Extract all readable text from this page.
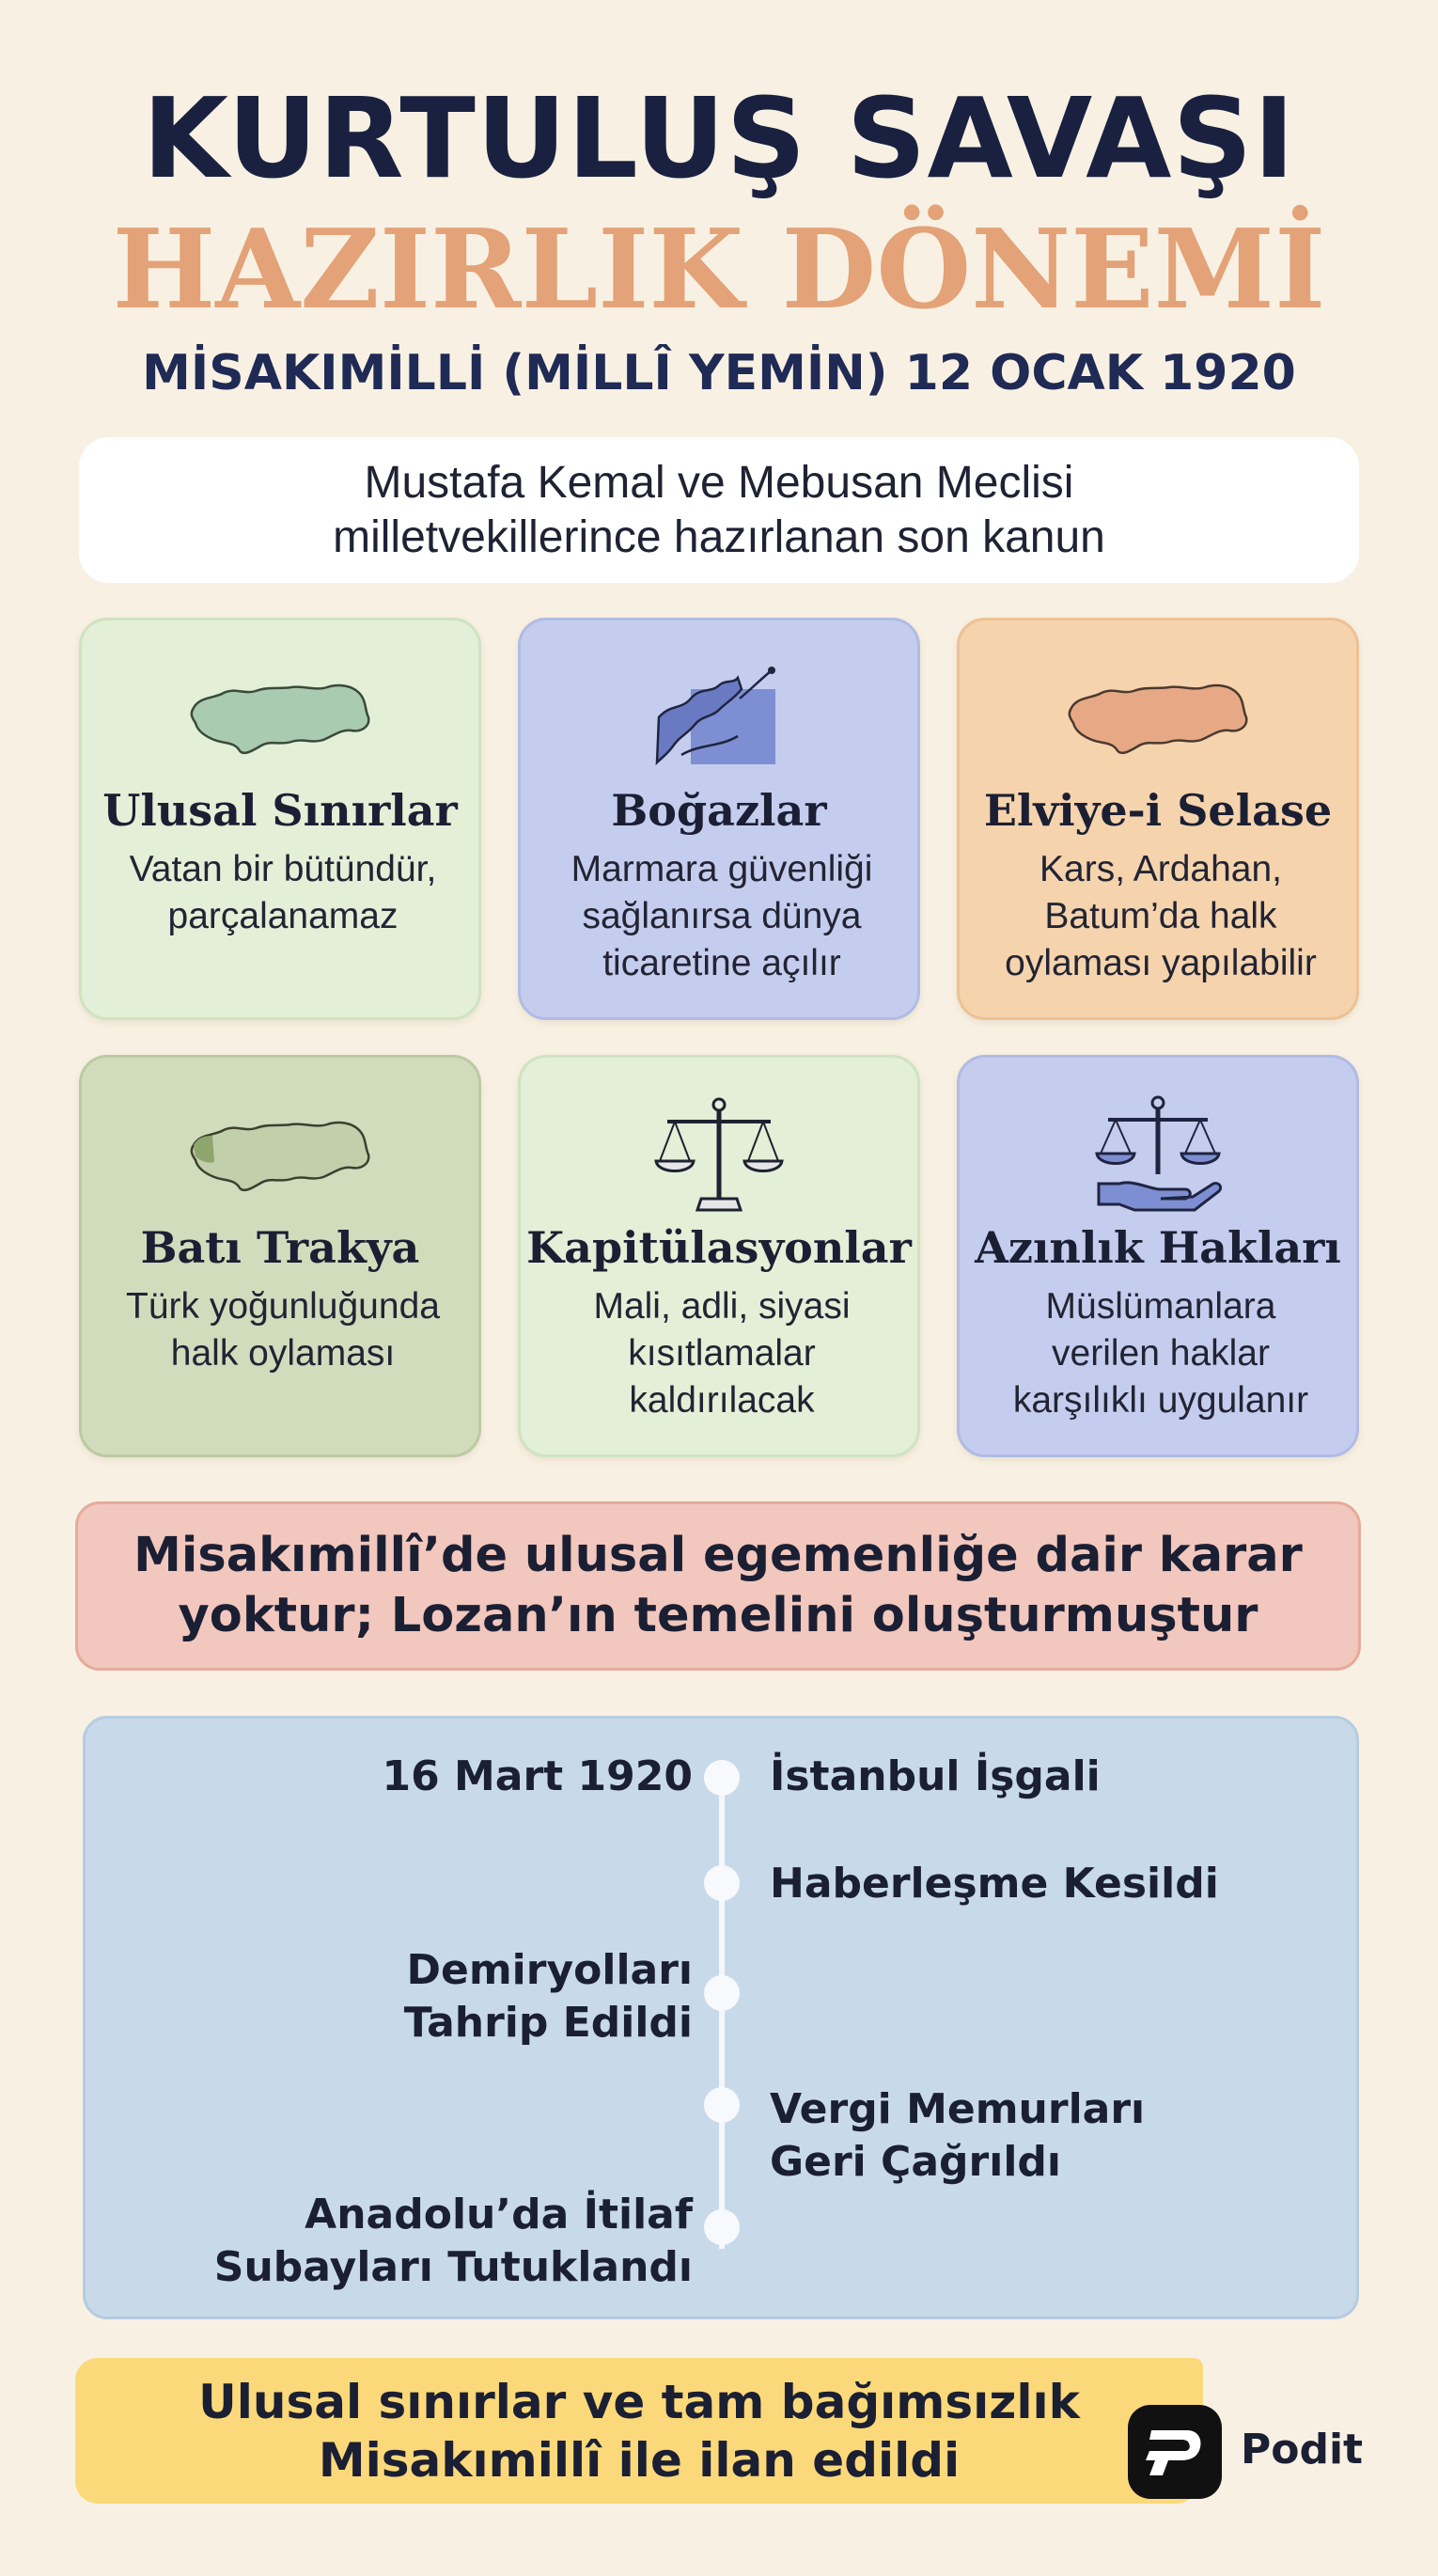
KURTULUŞ SAVAŞI
HAZIRLIK DÖNEMİ
MİSAKIMİLLİ (MİLLÎ YEMİN) 12 OCAK 1920
Mustafa Kemal ve Mebusan Meclisi
milletvekillerince hazırlanan son kanun
Ulusal Sınırlar
Vatan bir bütündür,
parçalanamaz
Boğazlar
Marmara güvenliği
sağlanırsa dünya
ticaretine açılır
Elviye-i Selase
Kars, Ardahan,
Batum’da halk
oylaması yapılabilir
Batı Trakya
Türk yoğunluğunda
halk oylaması
Kapitülasyonlar
Mali, adli, siyasi
kısıtlamalar
kaldırılacak
Azınlık Hakları
Müslümanlara
verilen haklar
karşılıklı uygulanır
Misakımillî’de ulusal egemenliğe dair karar
yoktur; Lozan’ın temelini oluşturmuştur
16 Mart 1920 İstanbul İşgali
Haberleşme Kesildi
Demiryolları
Tahrip Edildi
Vergi Memurları
Geri Çağrıldı
Anadolu’da İtilaf
Subayları Tutuklandı
Ulusal sınırlar ve tam bağımsızlık
Misakımillî ile ilan edildi	Podit
